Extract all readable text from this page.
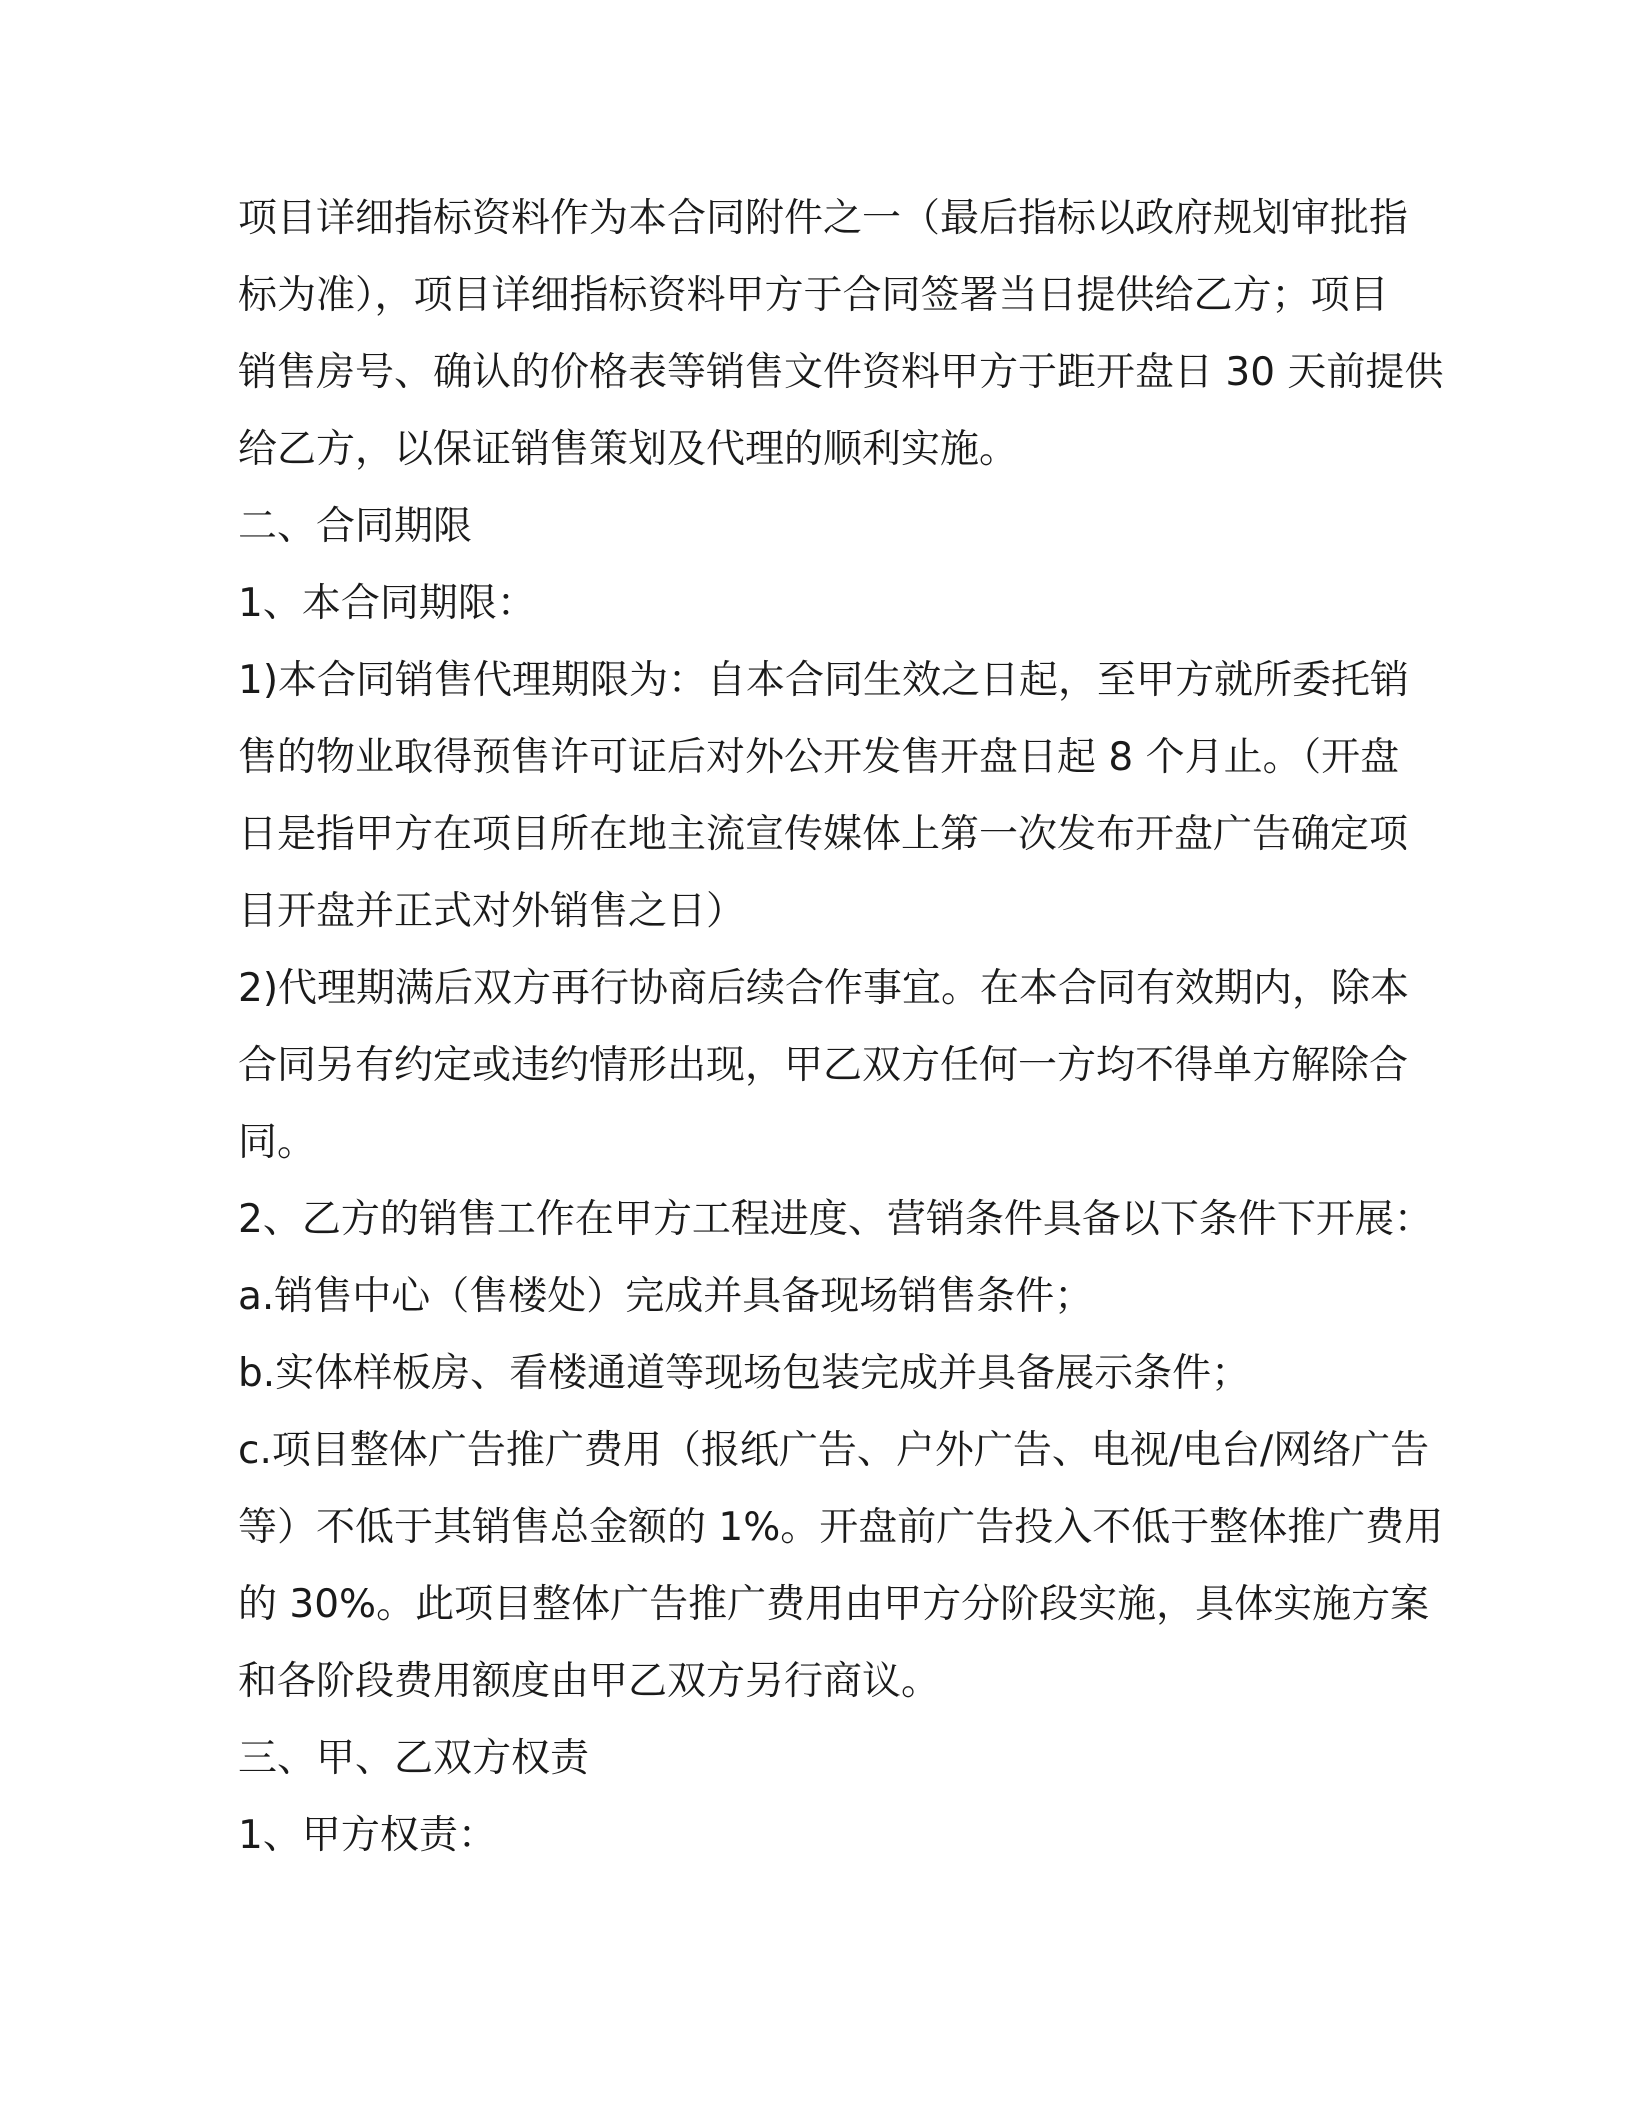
项目详细指标资料作为本合同附件之一（最后指标以政府规划审批指
标为准），项目详细指标资料甲方于合同签署当日提供给乙方；项目
销售房号、确认的价格表等销售文件资料甲方于距开盘日 30 天前提供
给乙方，以保证销售策划及代理的顺利实施。
二、合同期限
1、本合同期限：
1)本合同销售代理期限为：自本合同生效之日起，至甲方就所委托销
售的物业取得预售许可证后对外公开发售开盘日起 8 个月止。（开盘
日是指甲方在项目所在地主流宣传媒体上第一次发布开盘广告确定项
目开盘并正式对外销售之日）
2)代理期满后双方再行协商后续合作事宜。在本合同有效期内，除本
合同另有约定或违约情形出现，甲乙双方任何一方均不得单方解除合
同。
2、乙方的销售工作在甲方工程进度、营销条件具备以下条件下开展：
a.销售中心（售楼处）完成并具备现场销售条件；
b.实体样板房、看楼通道等现场包装完成并具备展示条件；
c.项目整体广告推广费用（报纸广告、户外广告、电视/电台/网络广告
等）不低于其销售总金额的 1%。开盘前广告投入不低于整体推广费用
的 30%。此项目整体广告推广费用由甲方分阶段实施，具体实施方案
和各阶段费用额度由甲乙双方另行商议。
三、甲、乙双方权责
1、甲方权责：
